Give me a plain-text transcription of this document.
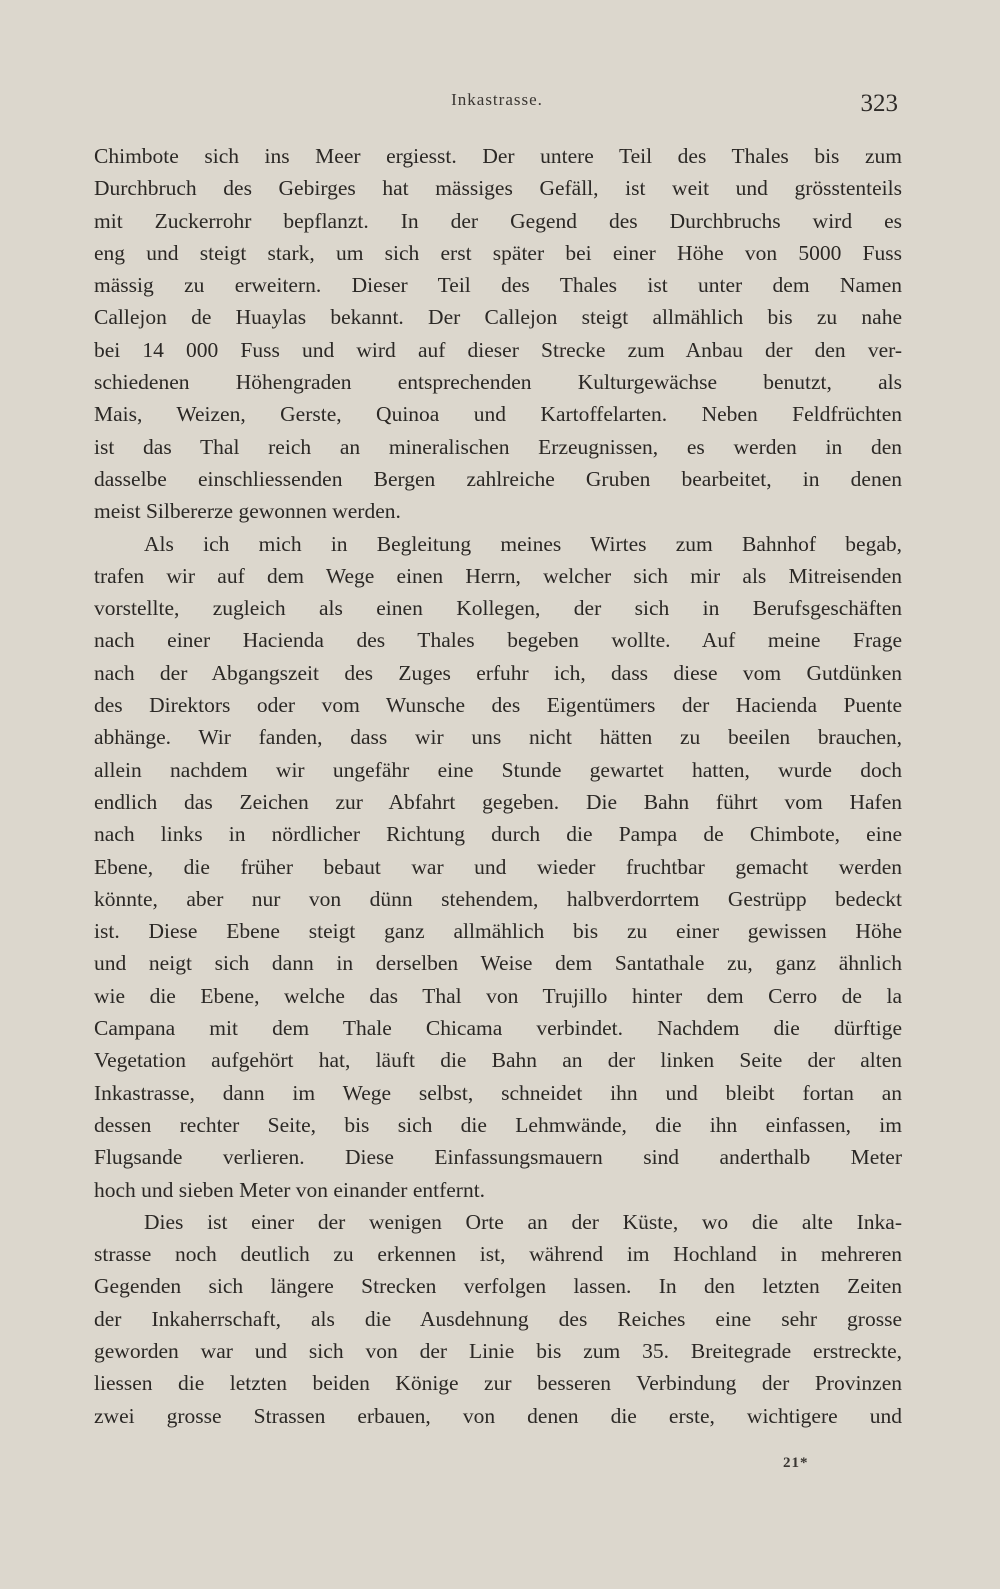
Inkastrasse.	323
Chimbote sich ins Meer ergiesst. Der untere Teil des Thales bis zum
Durchbruch des Gebirges hat mässiges Gefäll, ist weit und grösstenteils
mit Zuckerrohr bepflanzt. In der Gegend des Durchbruchs wird es
eng und steigt stark, um sich erst später bei einer Höhe von 5000 Fuss
mässig zu erweitern. Dieser Teil des Thales ist unter dem Namen
Callejon de Huaylas bekannt. Der Callejon steigt allmählich bis zu nahe
bei 14 000 Fuss und wird auf dieser Strecke zum Anbau der den ver-
schiedenen Höhengraden entsprechenden Kulturgewächse benutzt, als
Mais, Weizen, Gerste, Quinoa und Kartoffelarten. Neben Feldfrüchten
ist das Thal reich an mineralischen Erzeugnissen, es werden in den
dasselbe einschliessenden Bergen zahlreiche Gruben bearbeitet, in denen
meist Silbererze gewonnen werden.
Als ich mich in Begleitung meines Wirtes zum Bahnhof begab,
trafen wir auf dem Wege einen Herrn, welcher sich mir als Mitreisenden
vorstellte, zugleich als einen Kollegen, der sich in Berufsgeschäften
nach einer Hacienda des Thales begeben wollte. Auf meine Frage
nach der Abgangszeit des Zuges erfuhr ich, dass diese vom Gutdünken
des Direktors oder vom Wunsche des Eigentümers der Hacienda Puente
abhänge. Wir fanden, dass wir uns nicht hätten zu beeilen brauchen,
allein nachdem wir ungefähr eine Stunde gewartet hatten, wurde doch
endlich das Zeichen zur Abfahrt gegeben. Die Bahn führt vom Hafen
nach links in nördlicher Richtung durch die Pampa de Chimbote, eine
Ebene, die früher bebaut war und wieder fruchtbar gemacht werden
könnte, aber nur von dünn stehendem, halbverdorrtem Gestrüpp bedeckt
ist. Diese Ebene steigt ganz allmählich bis zu einer gewissen Höhe
und neigt sich dann in derselben Weise dem Santathale zu, ganz ähnlich
wie die Ebene, welche das Thal von Trujillo hinter dem Cerro de la
Campana mit dem Thale Chicama verbindet. Nachdem die dürftige
Vegetation aufgehört hat, läuft die Bahn an der linken Seite der alten
Inkastrasse, dann im Wege selbst, schneidet ihn und bleibt fortan an
dessen rechter Seite, bis sich die Lehmwände, die ihn einfassen, im
Flugsande verlieren. Diese Einfassungsmauern sind anderthalb Meter
hoch und sieben Meter von einander entfernt.
Dies ist einer der wenigen Orte an der Küste, wo die alte Inka-
strasse noch deutlich zu erkennen ist, während im Hochland in mehreren
Gegenden sich längere Strecken verfolgen lassen. In den letzten Zeiten
der Inkaherrschaft, als die Ausdehnung des Reiches eine sehr grosse
geworden war und sich von der Linie bis zum 35. Breitegrade erstreckte,
liessen die letzten beiden Könige zur besseren Verbindung der Provinzen
zwei grosse Strassen erbauen, von denen die erste, wichtigere und
21*
